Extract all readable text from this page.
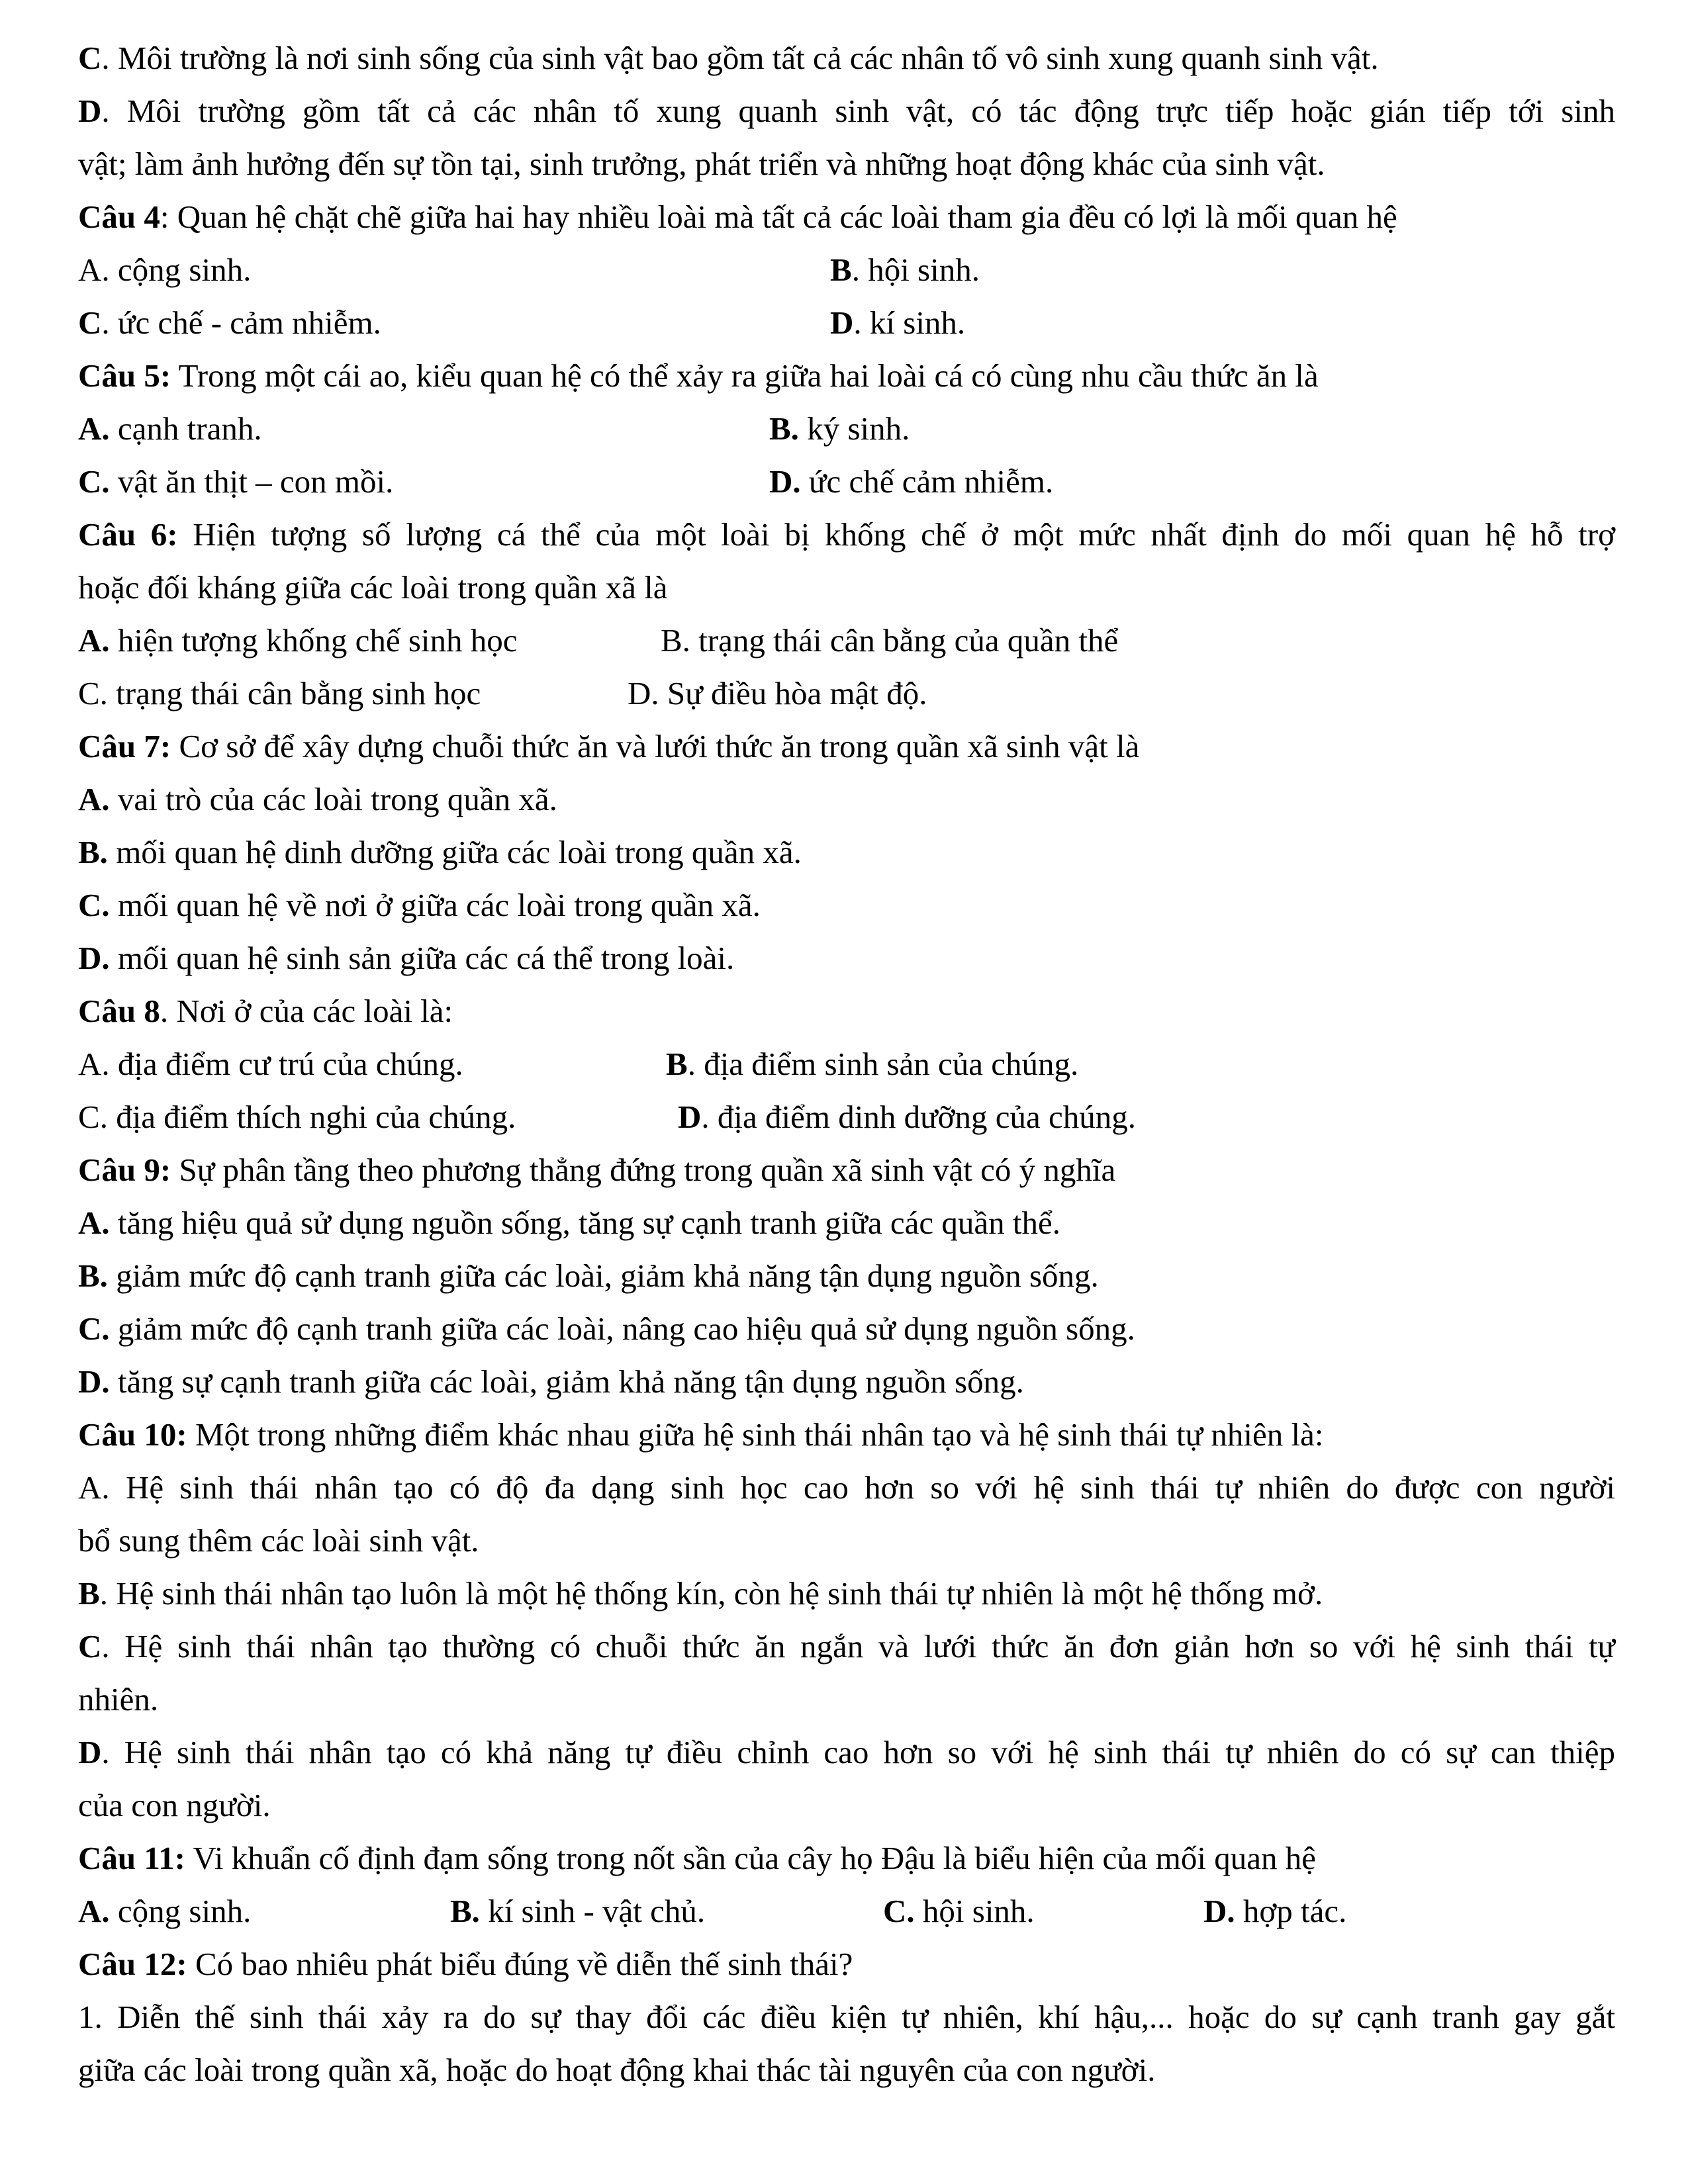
C. Môi trường là nơi sinh sống của sinh vật bao gồm tất cả các nhân tố vô sinh xung quanh sinh vật.
D. Môi trường gồm tất cả các nhân tố xung quanh sinh vật, có tác động trực tiếp hoặc gián tiếp tới sinh
vật; làm ảnh hưởng đến sự tồn tại, sinh trưởng, phát triển và những hoạt động khác của sinh vật.
Câu 4: Quan hệ chặt chẽ giữa hai hay nhiều loài mà tất cả các loài tham gia đều có lợi là mối quan hệ
A. cộng sinh.	B. hội sinh.
C. ức chế - cảm nhiễm.	D. kí sinh.
Câu 5: Trong một cái ao, kiểu quan hệ có thể xảy ra giữa hai loài cá có cùng nhu cầu thức ăn là
A. cạnh tranh.	B. ký sinh.
C. vật ăn thịt – con mồi.	D. ức chế cảm nhiễm.
Câu 6: Hiện tượng số lượng cá thể của một loài bị khống chế ở một mức nhất định do mối quan hệ hỗ trợ
hoặc đối kháng giữa các loài trong quần xã là
A. hiện tượng khống chế sinh học	B. trạng thái cân bằng của quần thể
C. trạng thái cân bằng sinh học	D. Sự điều hòa mật độ.
Câu 7: Cơ sở để xây dựng chuỗi thức ăn và lưới thức ăn trong quần xã sinh vật là
A. vai trò của các loài trong quần xã.
B. mối quan hệ dinh dưỡng giữa các loài trong quần xã.
C. mối quan hệ về nơi ở giữa các loài trong quần xã.
D. mối quan hệ sinh sản giữa các cá thể trong loài.
Câu 8. Nơi ở của các loài là:
A. địa điểm cư trú của chúng.	B. địa điểm sinh sản của chúng.
C. địa điểm thích nghi của chúng.	D. địa điểm dinh dưỡng của chúng.
Câu 9: Sự phân tầng theo phương thẳng đứng trong quần xã sinh vật có ý nghĩa
A. tăng hiệu quả sử dụng nguồn sống, tăng sự cạnh tranh giữa các quần thể.
B. giảm mức độ cạnh tranh giữa các loài, giảm khả năng tận dụng nguồn sống.
C. giảm mức độ cạnh tranh giữa các loài, nâng cao hiệu quả sử dụng nguồn sống.
D. tăng sự cạnh tranh giữa các loài, giảm khả năng tận dụng nguồn sống.
Câu 10: Một trong những điểm khác nhau giữa hệ sinh thái nhân tạo và hệ sinh thái tự nhiên là:
A. Hệ sinh thái nhân tạo có độ đa dạng sinh học cao hơn so với hệ sinh thái tự nhiên do được con người
bổ sung thêm các loài sinh vật.
B. Hệ sinh thái nhân tạo luôn là một hệ thống kín, còn hệ sinh thái tự nhiên là một hệ thống mở.
C. Hệ sinh thái nhân tạo thường có chuỗi thức ăn ngắn và lưới thức ăn đơn giản hơn so với hệ sinh thái tự
nhiên.
D. Hệ sinh thái nhân tạo có khả năng tự điều chỉnh cao hơn so với hệ sinh thái tự nhiên do có sự can thiệp
của con người.
Câu 11: Vi khuẩn cố định đạm sống trong nốt sần của cây họ Đậu là biểu hiện của mối quan hệ
A. cộng sinh.	B. kí sinh - vật chủ.	C. hội sinh.	D. hợp tác.
Câu 12: Có bao nhiêu phát biểu đúng về diễn thế sinh thái?
1. Diễn thế sinh thái xảy ra do sự thay đổi các điều kiện tự nhiên, khí hậu,... hoặc do sự cạnh tranh gay gắt
giữa các loài trong quần xã, hoặc do hoạt động khai thác tài nguyên của con người.
